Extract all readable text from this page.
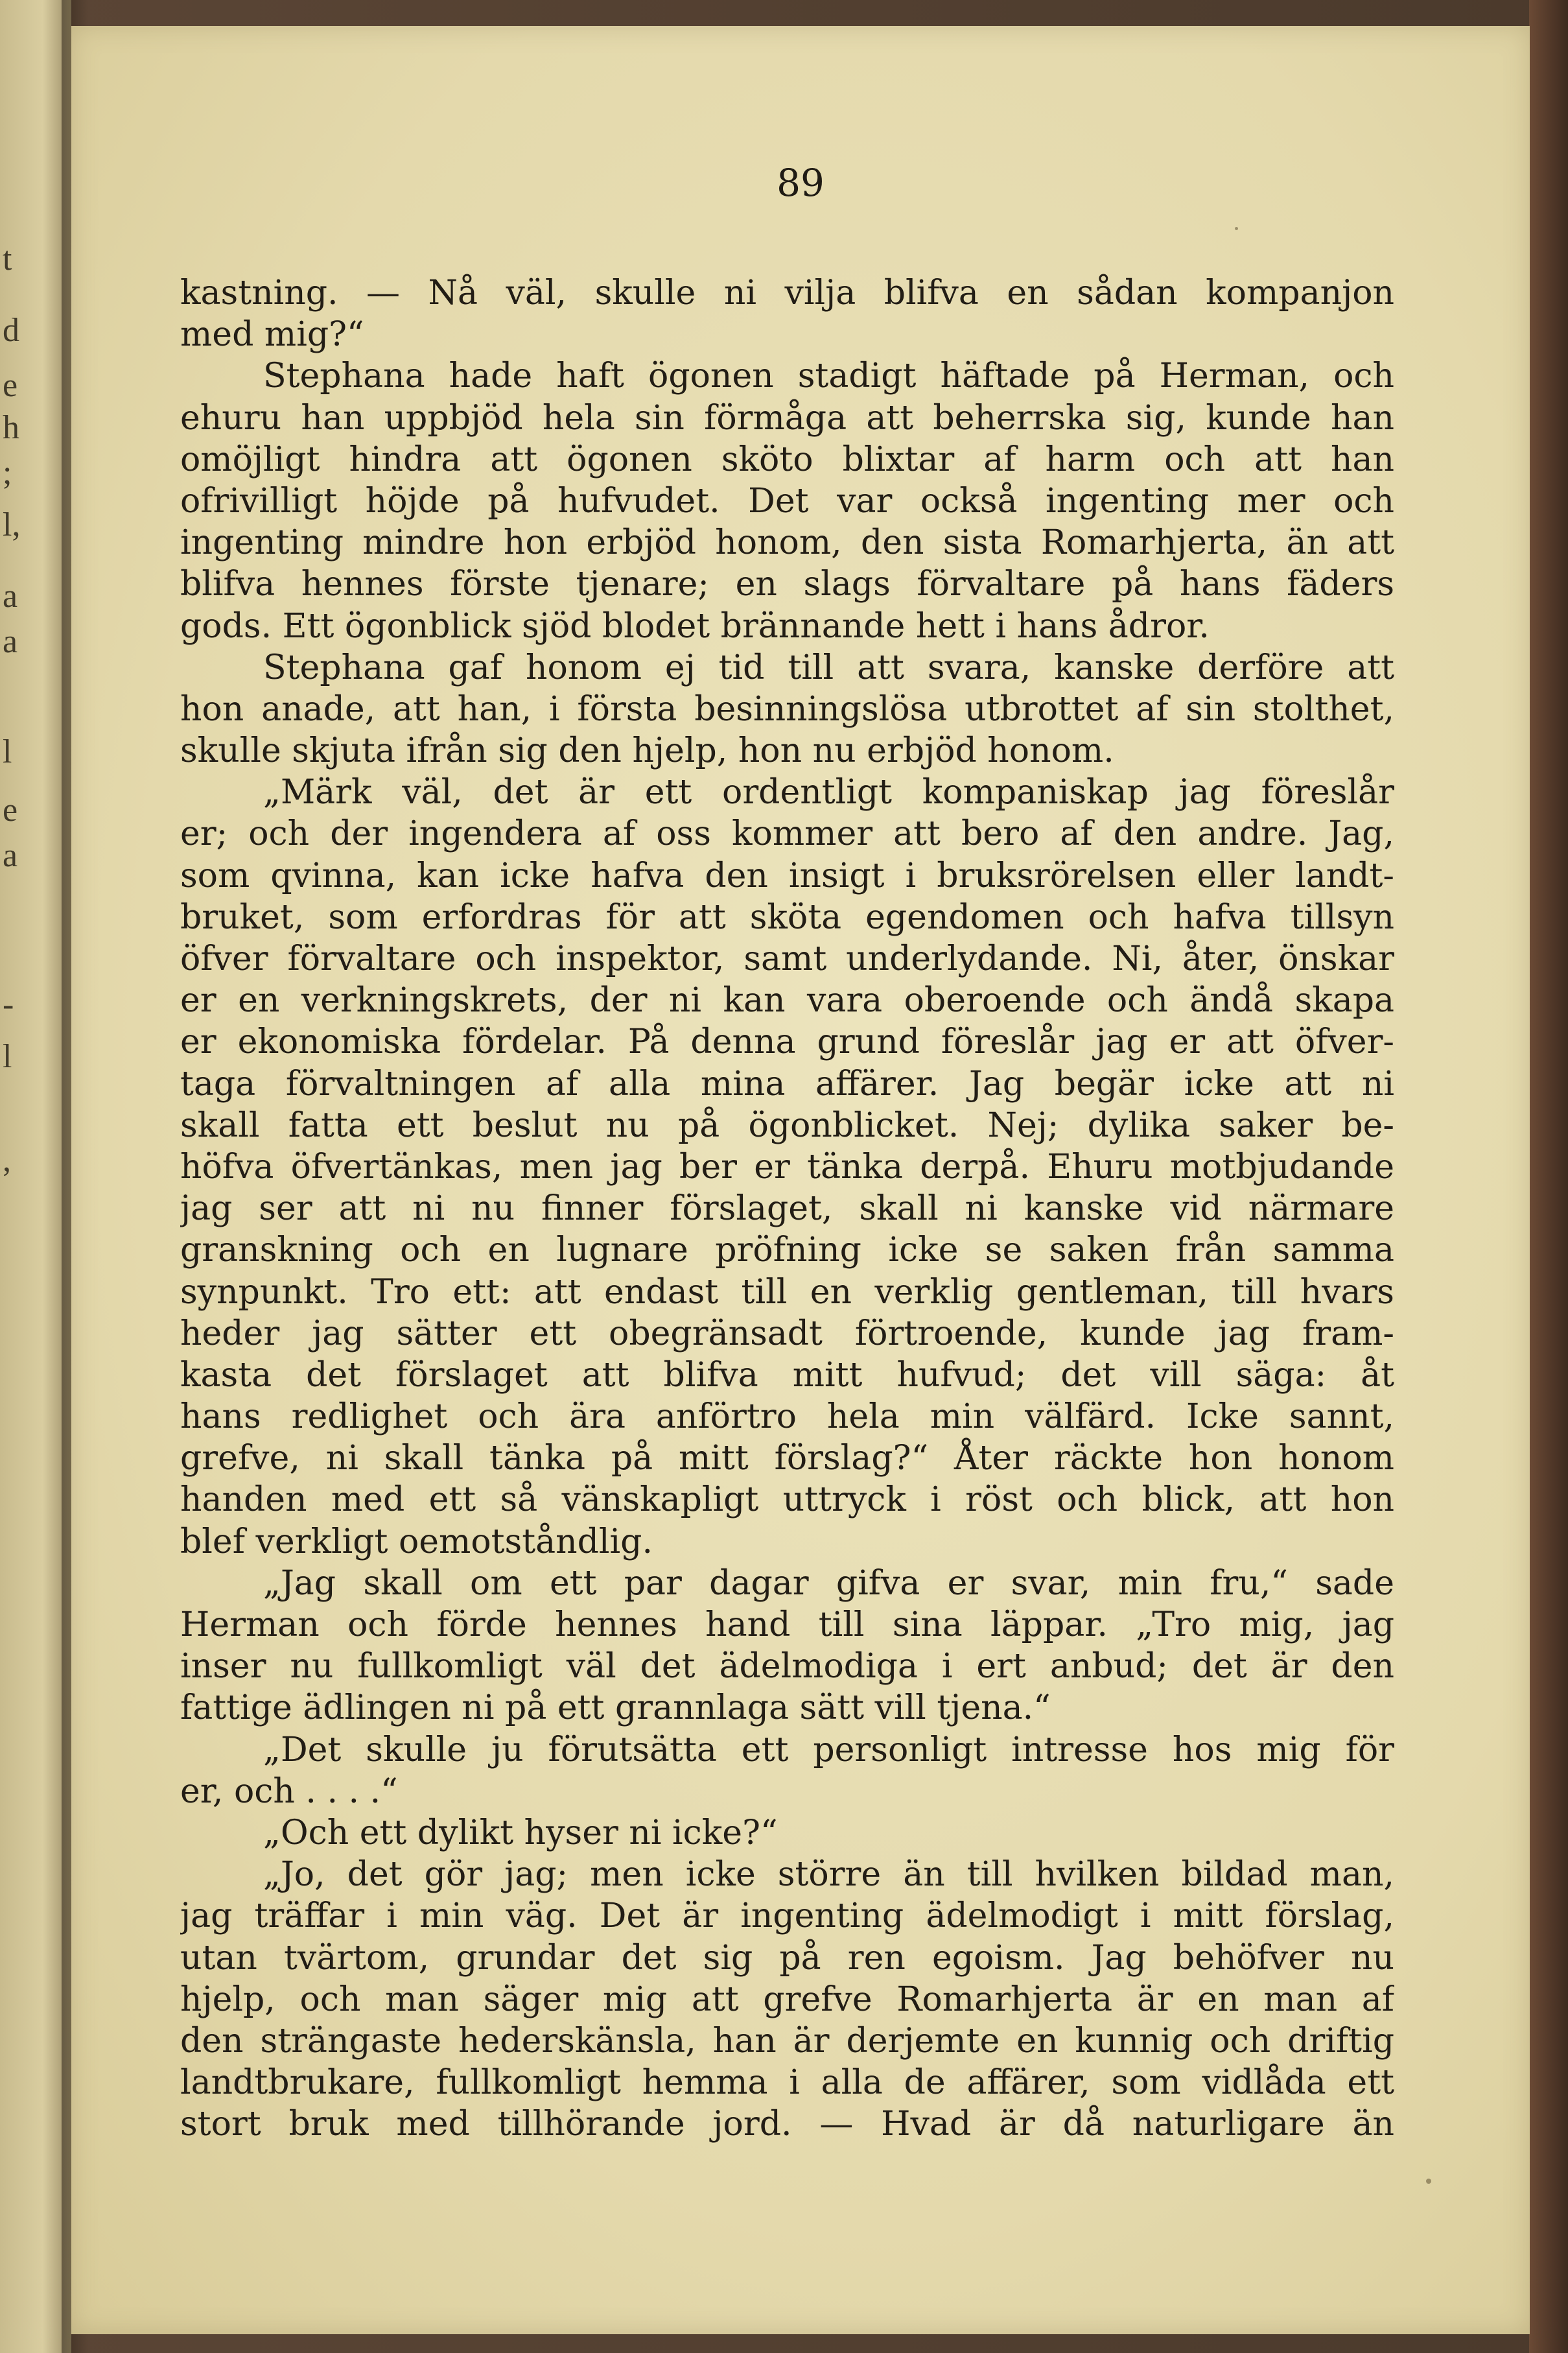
t
d
e
h
;
l,
a
a
l
e
a
-
l
,
89
kastning. — Nå väl, skulle ni vilja blifva en sådan kompanjon
med mig?“
Stephana hade haft ögonen stadigt häftade på Herman, och
ehuru han uppbjöd hela sin förmåga att beherrska sig, kunde han
omöjligt hindra att ögonen sköto blixtar af harm och att han
ofrivilligt höjde på hufvudet. Det var också ingenting mer och
ingenting mindre hon erbjöd honom, den sista Romarhjerta, än att
blifva hennes förste tjenare; en slags förvaltare på hans fäders
gods. Ett ögonblick sjöd blodet brännande hett i hans ådror.
Stephana gaf honom ej tid till att svara, kanske derföre att
hon anade, att han, i första besinningslösa utbrottet af sin stolthet,
skulle skjuta ifrån sig den hjelp, hon nu erbjöd honom.
„Märk väl, det är ett ordentligt kompaniskap jag föreslår
er; och der ingendera af oss kommer att bero af den andre. Jag,
som qvinna, kan icke hafva den insigt i bruksrörelsen eller landt-
bruket, som erfordras för att sköta egendomen och hafva tillsyn
öfver förvaltare och inspektor, samt underlydande. Ni, åter, önskar
er en verkningskrets, der ni kan vara oberoende och ändå skapa
er ekonomiska fördelar. På denna grund föreslår jag er att öfver-
taga förvaltningen af alla mina affärer. Jag begär icke att ni
skall fatta ett beslut nu på ögonblicket. Nej; dylika saker be-
höfva öfvertänkas, men jag ber er tänka derpå. Ehuru motbjudande
jag ser att ni nu finner förslaget, skall ni kanske vid närmare
granskning och en lugnare pröfning icke se saken från samma
synpunkt. Tro ett: att endast till en verklig gentleman, till hvars
heder jag sätter ett obegränsadt förtroende, kunde jag fram-
kasta det förslaget att blifva mitt hufvud; det vill säga: åt
hans redlighet och ära anförtro hela min välfärd. Icke sannt,
grefve, ni skall tänka på mitt förslag?“ Åter räckte hon honom
handen med ett så vänskapligt uttryck i röst och blick, att hon
blef verkligt oemotståndlig.
„Jag skall om ett par dagar gifva er svar, min fru,“ sade
Herman och förde hennes hand till sina läppar. „Tro mig, jag
inser nu fullkomligt väl det ädelmodiga i ert anbud; det är den
fattige ädlingen ni på ett grannlaga sätt vill tjena.“
„Det skulle ju förutsätta ett personligt intresse hos mig för
er, och . . . .“
„Och ett dylikt hyser ni icke?“
„Jo, det gör jag; men icke större än till hvilken bildad man,
jag träffar i min väg. Det är ingenting ädelmodigt i mitt förslag,
utan tvärtom, grundar det sig på ren egoism. Jag behöfver nu
hjelp, och man säger mig att grefve Romarhjerta är en man af
den strängaste hederskänsla, han är derjemte en kunnig och driftig
landtbrukare, fullkomligt hemma i alla de affärer, som vidlåda ett
stort bruk med tillhörande jord. — Hvad är då naturligare än
